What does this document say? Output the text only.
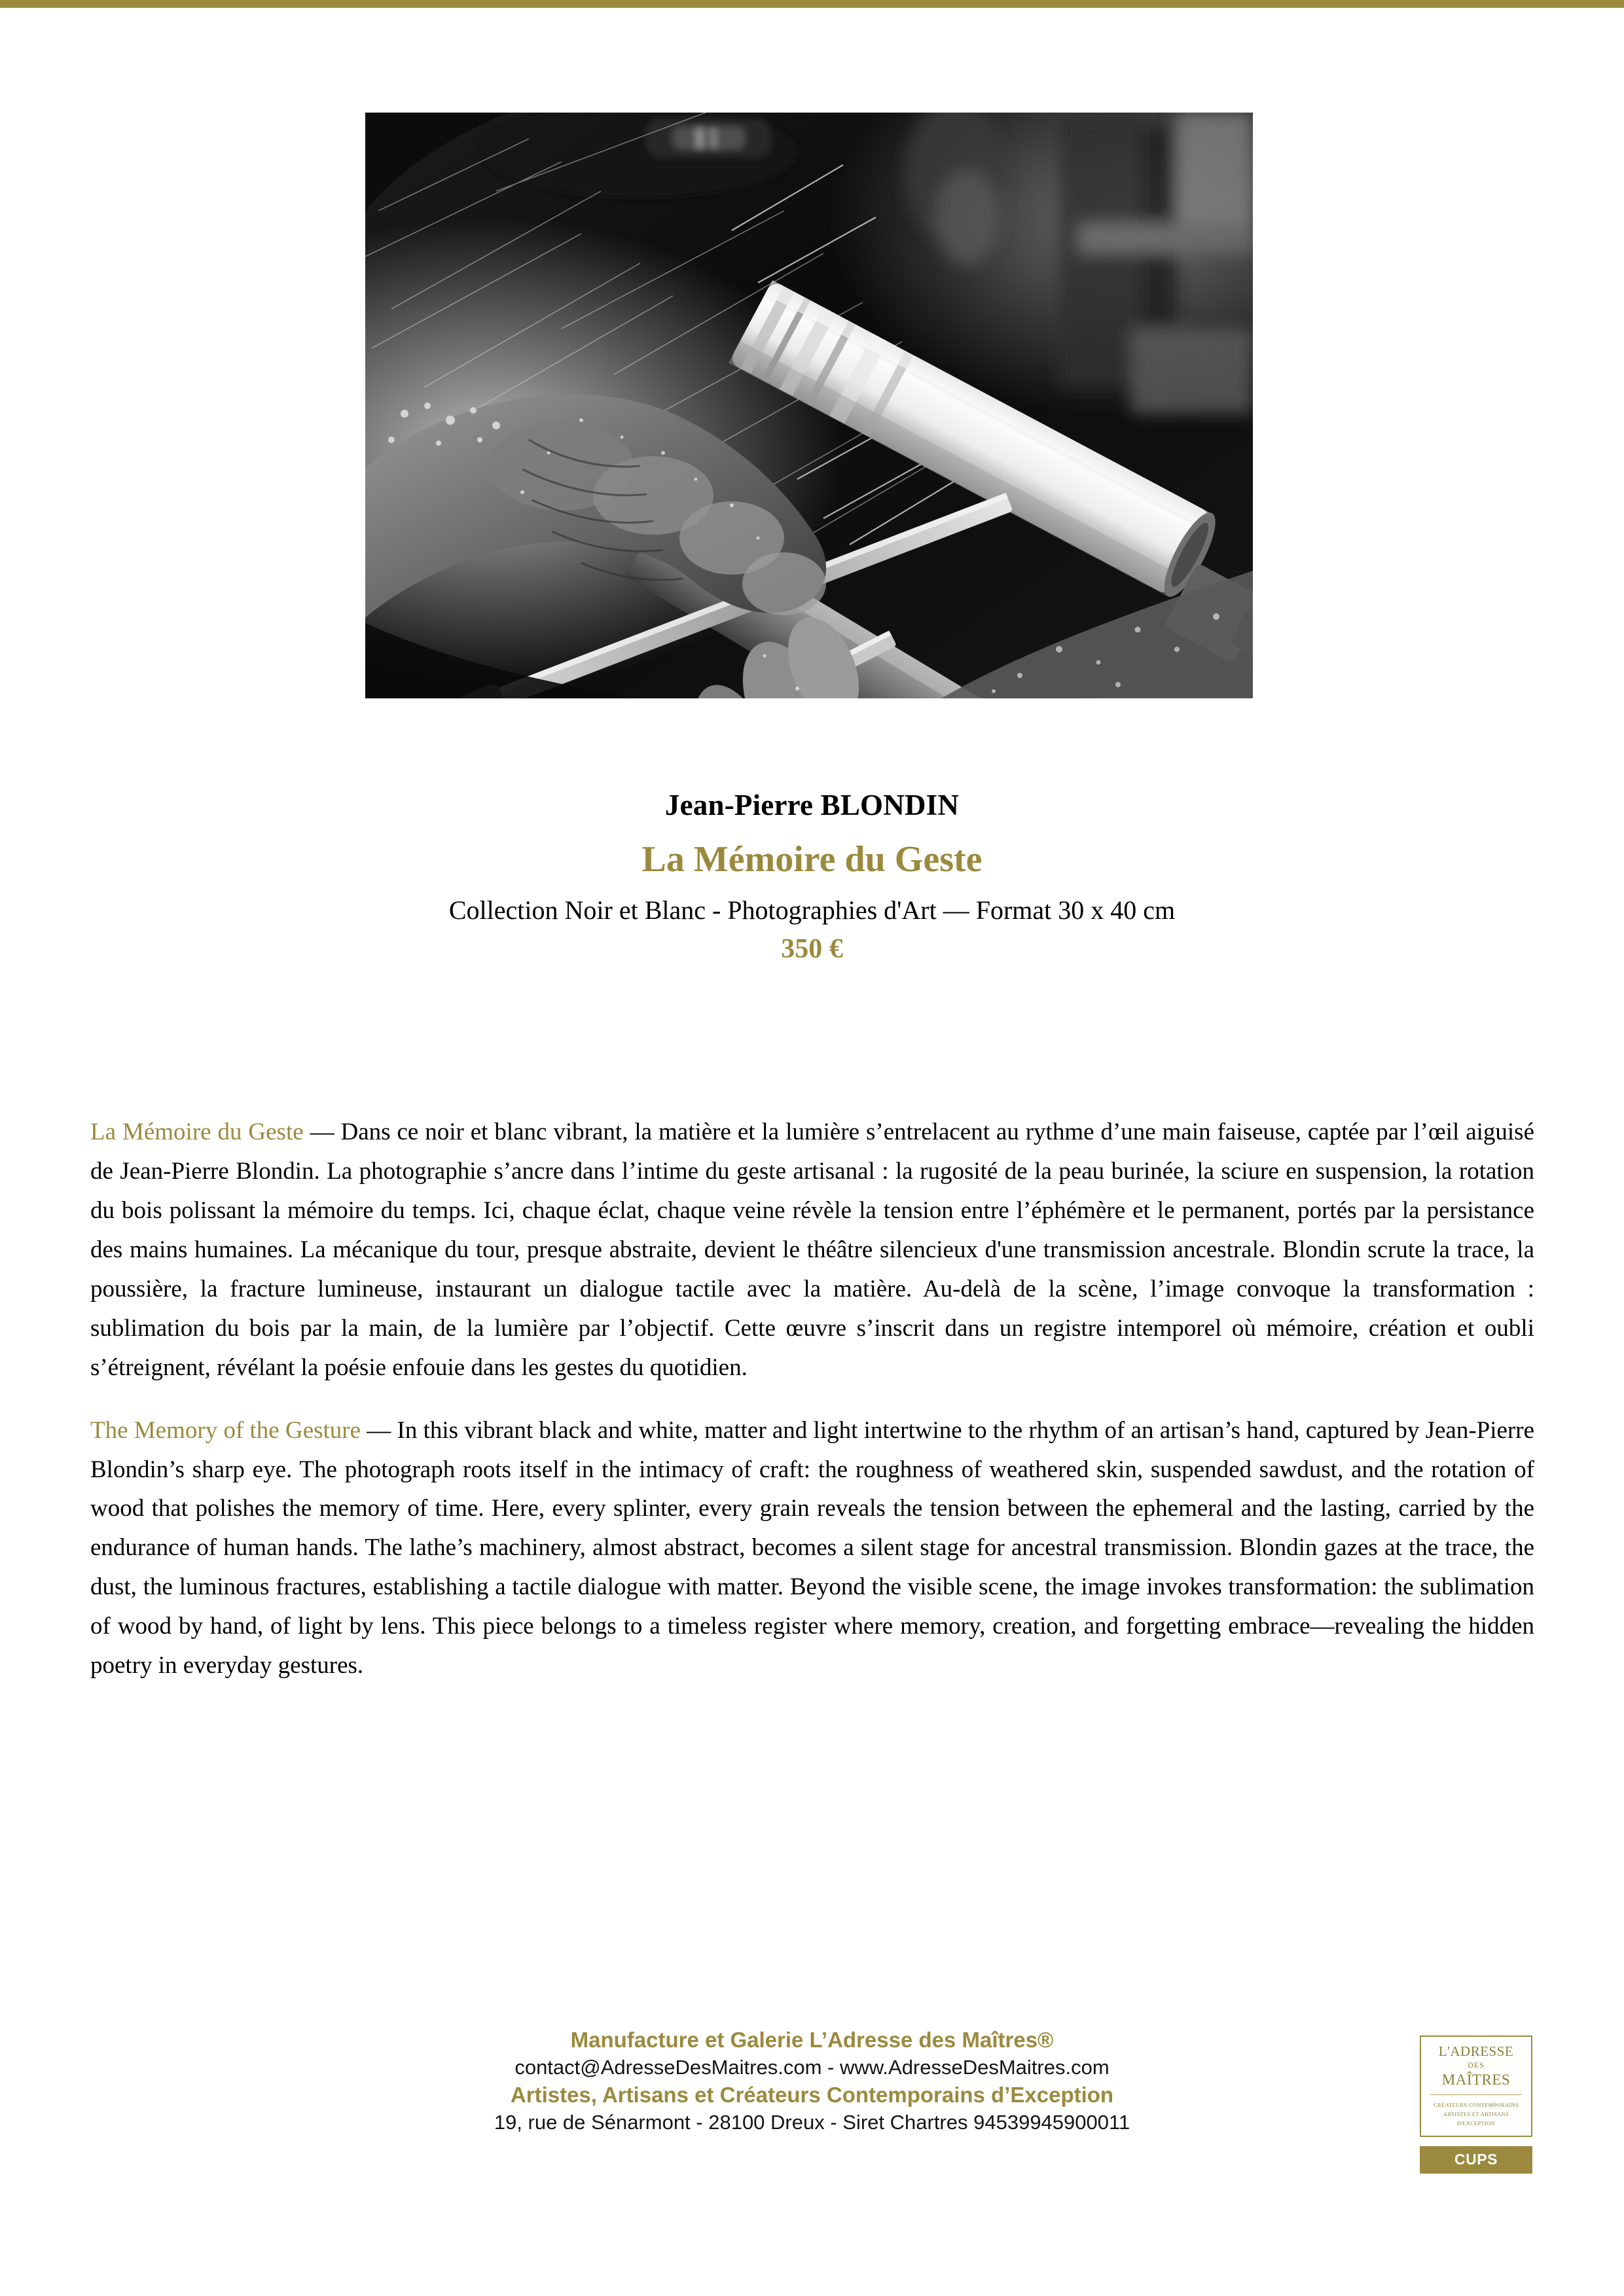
Jean-Pierre BLONDIN
La Mémoire du Geste
Collection Noir et Blanc - Photographies d'Art — Format 30 x 40 cm
350 €

La Mémoire du Geste — Dans ce noir et blanc vibrant, la matière et la lumière s’entrelacent au rythme d’une main faiseuse, captée par l’œil aiguisé de Jean-Pierre Blondin. La photographie s’ancre dans l’intime du geste artisanal : la rugosité de la peau burinée, la sciure en suspension, la rotation du bois polissant la mémoire du temps. Ici, chaque éclat, chaque veine révèle la tension entre l’éphémère et le permanent, portés par la persistance des mains humaines. La mécanique du tour, presque abstraite, devient le théâtre silencieux d'une transmission ancestrale. Blondin scrute la trace, la poussière, la fracture lumineuse, instaurant un dialogue tactile avec la matière. Au-delà de la scène, l’image convoque la transformation : sublimation du bois par la main, de la lumière par l’objectif. Cette œuvre s’inscrit dans un registre intemporel où mémoire, création et oubli s’étreignent, révélant la poésie enfouie dans les gestes du quotidien.

The Memory of the Gesture — In this vibrant black and white, matter and light intertwine to the rhythm of an artisan’s hand, captured by Jean-Pierre Blondin’s sharp eye. The photograph roots itself in the intimacy of craft: the roughness of weathered skin, suspended sawdust, and the rotation of wood that polishes the memory of time. Here, every splinter, every grain reveals the tension between the ephemeral and the lasting, carried by the endurance of human hands. The lathe’s machinery, almost abstract, becomes a silent stage for ancestral transmission. Blondin gazes at the trace, the dust, the luminous fractures, establishing a tactile dialogue with matter. Beyond the visible scene, the image invokes transformation: the sublimation of wood by hand, of light by lens. This piece belongs to a timeless register where memory, creation, and forgetting embrace—revealing the hidden poetry in everyday gestures.

Manufacture et Galerie L’Adresse des Maîtres®

contact@AdresseDesMaitres.com - www.AdresseDesMaitres.com

Artistes, Artisans et Créateurs Contemporains d’Exception

19, rue de Sénarmont - 28100 Dreux - Siret Chartres 94539945900011

L'ADRESSE
DES
MAÎTRES
CRÉATEURS CONTEMPORAINS
ARTISTES ET ARTISANS
D'EXCEPTION
CUPS
